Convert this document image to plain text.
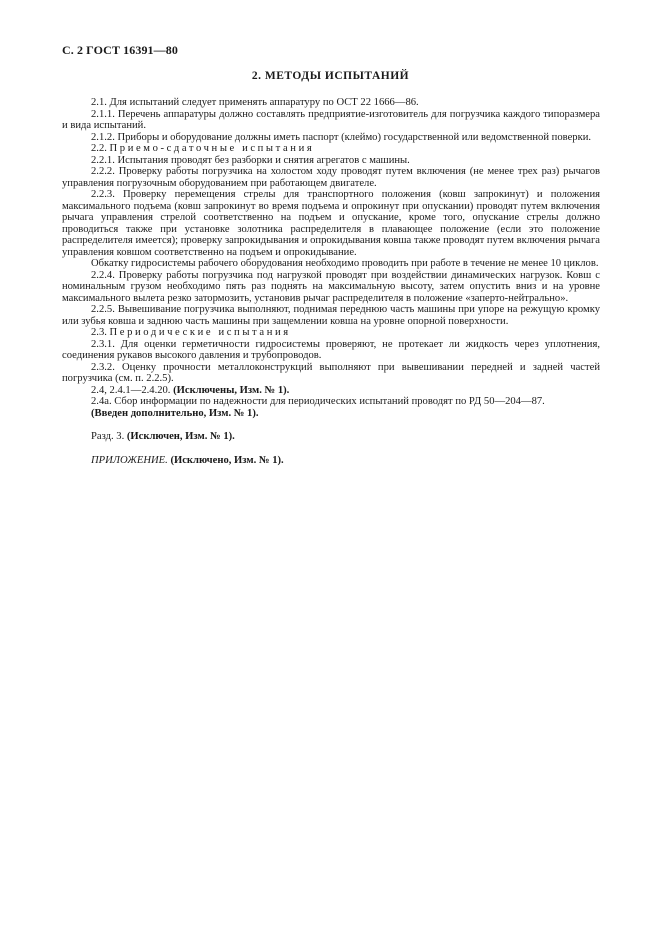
С. 2 ГОСТ 16391—80
2. МЕТОДЫ ИСПЫТАНИЙ

2.1. Для испытаний следует применять аппаратуру по ОСТ 22 1666—86.

2.1.1. Перечень аппаратуры должно составлять предприятие-изготовитель для погрузчика каждого типоразмера и вида испытаний.

2.1.2. Приборы и оборудование должны иметь паспорт (клеймо) государственной или ведомственной поверки.

2.2. Приемо-сдаточные испытания

2.2.1. Испытания проводят без разборки и снятия агрегатов с машины.

2.2.2. Проверку работы погрузчика на холостом ходу проводят путем включения (не менее трех раз) рычагов управления погрузочным оборудованием при работающем двигателе.

2.2.3. Проверку перемещения стрелы для транспортного положения (ковш запрокинут) и положения максимального подъема (ковш запрокинут во время подъема и опрокинут при опускании) проводят путем включения рычага управления стрелой соответственно на подъем и опускание, кроме того, опускание стрелы должно проводиться также при установке золотника распределителя в плавающее положение (если это положение распределителя имеется); проверку запрокидывания и опрокидывания ковша также проводят путем включения рычага управления ковшом соответственно на подъем и опрокидывание.

Обкатку гидросистемы рабочего оборудования необходимо проводить при работе в течение не менее 10 циклов.

2.2.4. Проверку работы погрузчика под нагрузкой проводят при воздействии динамических нагрузок. Ковш с номинальным грузом необходимо пять раз поднять на максимальную высоту, затем опустить вниз и на уровне максимального вылета резко затормозить, установив рычаг распределителя в положение «заперто-нейтрально».

2.2.5. Вывешивание погрузчика выполняют, поднимая переднюю часть машины при упоре на режущую кромку или зубья ковша и заднюю часть машины при защемлении ковша на уровне опорной поверхности.

2.3. Периодические испытания

2.3.1. Для оценки герметичности гидросистемы проверяют, не протекает ли жидкость через уплотнения, соединения рукавов высокого давления и трубопроводов.

2.3.2. Оценку прочности металлоконструкций выполняют при вывешивании передней и задней частей погрузчика (см. п. 2.2.5).

2.4, 2.4.1—2.4.20. (Исключены, Изм. № 1).

2.4а. Сбор информации по надежности для периодических испытаний проводят по РД 50—204—87.

(Введен дополнительно, Изм. № 1).

Разд. 3. (Исключен, Изм. № 1).

ПРИЛОЖЕНИЕ. (Исключено, Изм. № 1).
